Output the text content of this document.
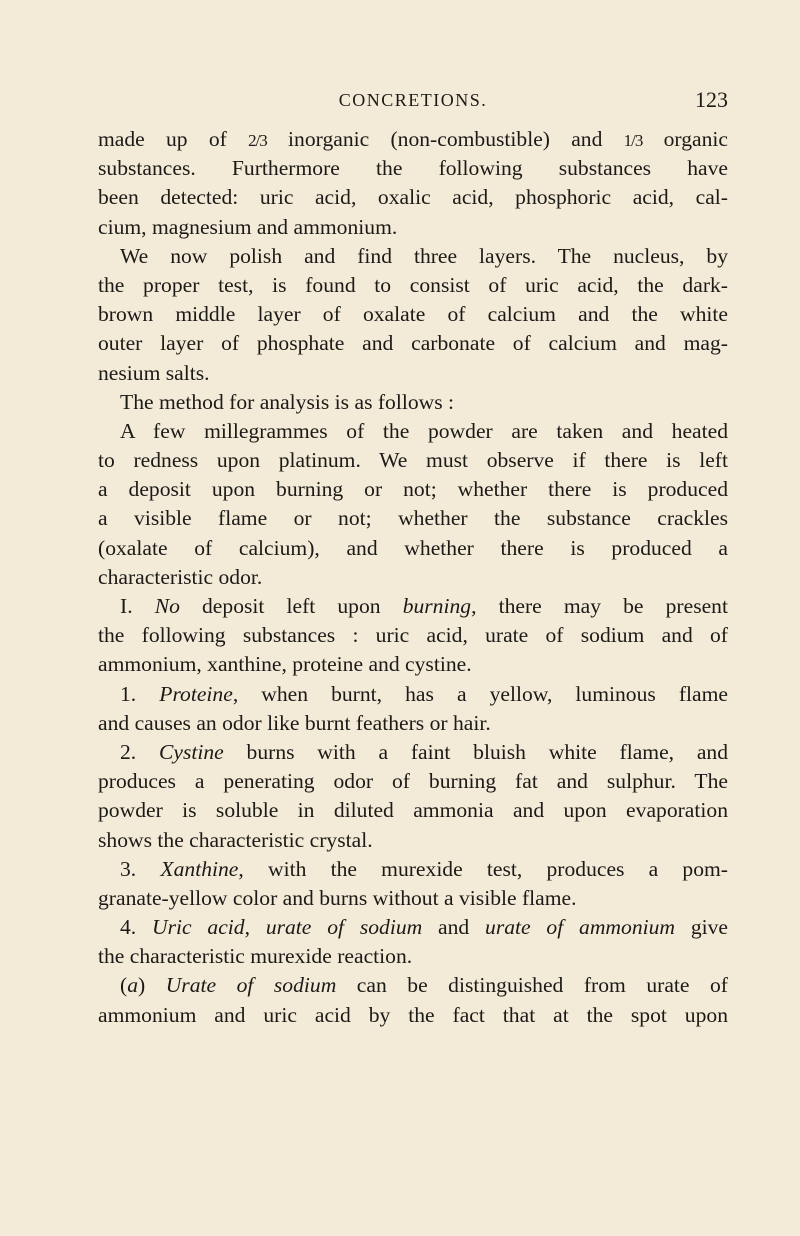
CONCRETIONS.	123
made up of 2/3 inorganic (non-combustible) and 1/3 organic
substances. Furthermore the following substances have
been detected: uric acid, oxalic acid, phosphoric acid, cal-
cium, magnesium and ammonium.
We now polish and find three layers. The nucleus, by
the proper test, is found to consist of uric acid, the dark-
brown middle layer of oxalate of calcium and the white
outer layer of phosphate and carbonate of calcium and mag-
nesium salts.
The method for analysis is as follows :
A few millegrammes of the powder are taken and heated
to redness upon platinum. We must observe if there is left
a deposit upon burning or not; whether there is produced
a visible flame or not; whether the substance crackles
(oxalate of calcium), and whether there is produced a
characteristic odor.
I. No deposit left upon burning, there may be present
the following substances : uric acid, urate of sodium and of
ammonium, xanthine, proteine and cystine.
1. Proteine, when burnt, has a yellow, luminous flame
and causes an odor like burnt feathers or hair.
2. Cystine burns with a faint bluish white flame, and
produces a penerating odor of burning fat and sulphur. The
powder is soluble in diluted ammonia and upon evaporation
shows the characteristic crystal.
3. Xanthine, with the murexide test, produces a pom-
granate-yellow color and burns without a visible flame.
4. Uric acid, urate of sodium and urate of ammonium give
the characteristic murexide reaction.
(a) Urate of sodium can be distinguished from urate of
ammonium and uric acid by the fact that at the spot upon
